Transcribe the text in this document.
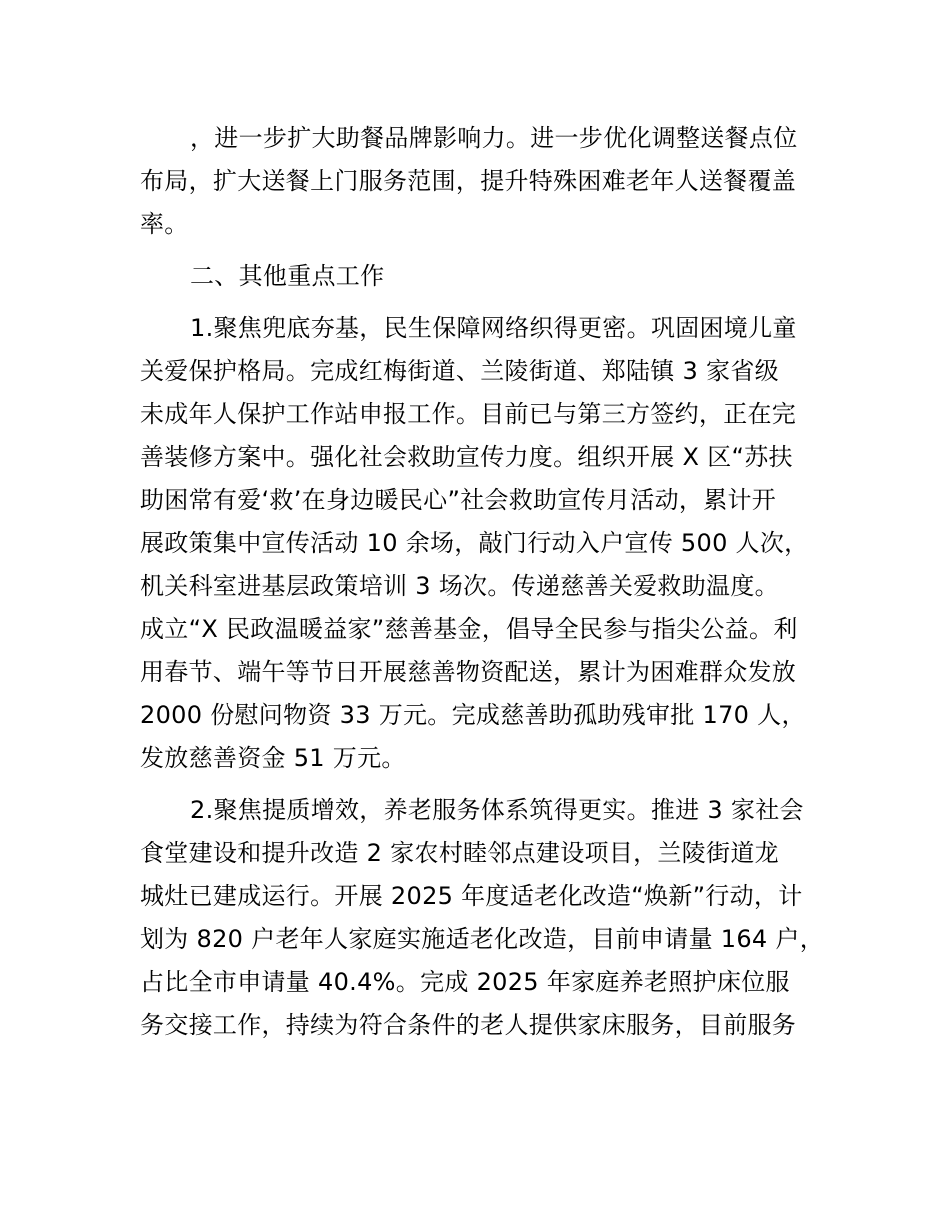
，进一步扩大助餐品牌影响力。进一步优化调整送餐点位
布局，扩大送餐上门服务范围，提升特殊困难老年人送餐覆盖
率。
二、其他重点工作
1.聚焦兜底夯基，民生保障网络织得更密。巩固困境儿童
关爱保护格局。完成红梅街道、兰陵街道、郑陆镇 3 家省级
未成年人保护工作站申报工作。目前已与第三方签约，正在完
善装修方案中。强化社会救助宣传力度。组织开展 X 区“苏扶
助困常有爱‘救’在身边暖民心”社会救助宣传月活动，累计开
展政策集中宣传活动 10 余场，敲门行动入户宣传 500 人次，
机关科室进基层政策培训 3 场次。传递慈善关爱救助温度。
成立“X 民政温暖益家”慈善基金，倡导全民参与指尖公益。利
用春节、端午等节日开展慈善物资配送，累计为困难群众发放
2000 份慰问物资 33 万元。完成慈善助孤助残审批 170 人，
发放慈善资金 51 万元。
2.聚焦提质增效，养老服务体系筑得更实。推进 3 家社会
食堂建设和提升改造 2 家农村睦邻点建设项目，兰陵街道龙
城灶已建成运行。开展 2025 年度适老化改造“焕新”行动，计
划为 820 户老年人家庭实施适老化改造，目前申请量 164 户，
占比全市申请量 40.4%。完成 2025 年家庭养老照护床位服
务交接工作，持续为符合条件的老人提供家床服务，目前服务
